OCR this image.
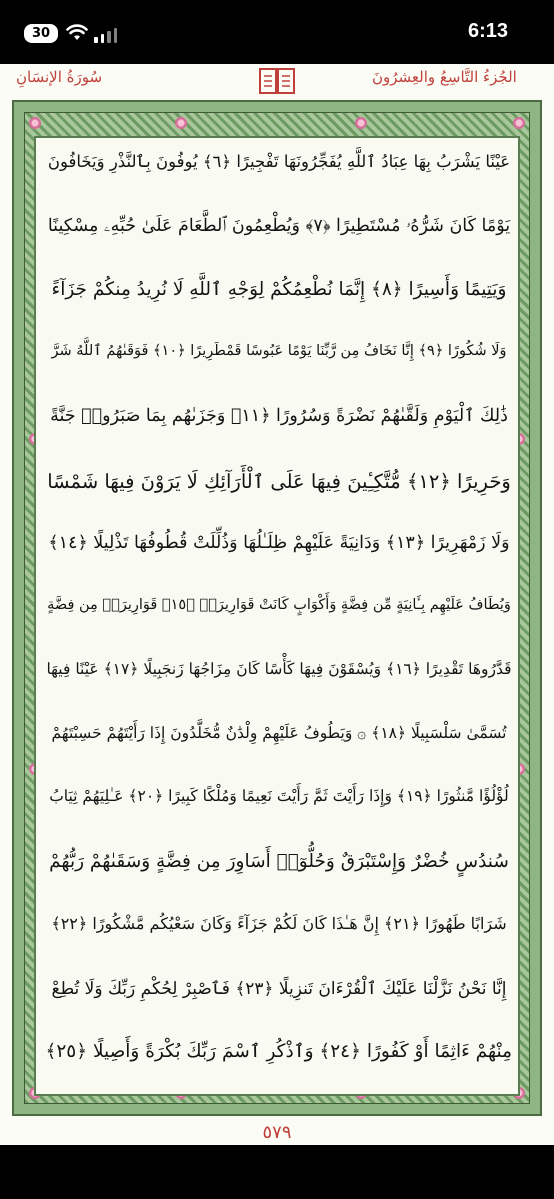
30	6:13
الجُزءُ التَّاسِعُ والعِشرُونَ
سُورَةُ الإنسَانِ
عَيْنًا يَشْرَبُ بِهَا عِبَادُ ٱللَّهِ يُفَجِّرُونَهَا تَفْجِيرًا ﴿٦﴾ يُوفُونَ بِٱلنَّذْرِ وَيَخَافُونَ
يَوْمًا كَانَ شَرُّهُۥ مُسْتَطِيرًا ﴿٧﴾ وَيُطْعِمُونَ ٱلطَّعَامَ عَلَىٰ حُبِّهِۦ مِسْكِينًا
وَيَتِيمًا وَأَسِيرًا ﴿٨﴾ إِنَّمَا نُطْعِمُكُمْ لِوَجْهِ ٱللَّهِ لَا نُرِيدُ مِنكُمْ جَزَآءً
وَلَا شُكُورًا ﴿٩﴾ إِنَّا نَخَافُ مِن رَّبِّنَا يَوْمًا عَبُوسًا قَمْطَرِيرًا ﴿١٠﴾ فَوَقَىٰهُمُ ٱللَّهُ شَرَّ
ذَٰلِكَ ٱلْيَوْمِ وَلَقَّىٰهُمْ نَضْرَةً وَسُرُورًا ﴿١١﴾ وَجَزَىٰهُم بِمَا صَبَرُوا۟ جَنَّةً
وَحَرِيرًا ﴿١٢﴾ مُّتَّكِـِٔينَ فِيهَا عَلَى ٱلْأَرَآئِكِ لَا يَرَوْنَ فِيهَا شَمْسًا
وَلَا زَمْهَرِيرًا ﴿١٣﴾ وَدَانِيَةً عَلَيْهِمْ ظِلَـٰلُهَا وَذُلِّلَتْ قُطُوفُهَا تَذْلِيلًا ﴿١٤﴾
وَيُطَافُ عَلَيْهِم بِـَٔانِيَةٍ مِّن فِضَّةٍ وَأَكْوَابٍ كَانَتْ قَوَارِيرَا۠ ﴿١٥﴾ قَوَارِيرَا۟ مِن فِضَّةٍ
قَدَّرُوهَا تَقْدِيرًا ﴿١٦﴾ وَيُسْقَوْنَ فِيهَا كَأْسًا كَانَ مِزَاجُهَا زَنجَبِيلًا ﴿١٧﴾ عَيْنًا فِيهَا
تُسَمَّىٰ سَلْسَبِيلًا ﴿١٨﴾ ۞ وَيَطُوفُ عَلَيْهِمْ وِلْدَٰنٌ مُّخَلَّدُونَ إِذَا رَأَيْتَهُمْ حَسِبْتَهُمْ
لُؤْلُؤًا مَّنثُورًا ﴿١٩﴾ وَإِذَا رَأَيْتَ ثَمَّ رَأَيْتَ نَعِيمًا وَمُلْكًا كَبِيرًا ﴿٢٠﴾ عَـٰلِيَهُمْ ثِيَابُ
سُندُسٍ خُضْرٌ وَإِسْتَبْرَقٌ وَحُلُّوٓا۟ أَسَاوِرَ مِن فِضَّةٍ وَسَقَىٰهُمْ رَبُّهُمْ
شَرَابًا طَهُورًا ﴿٢١﴾ إِنَّ هَـٰذَا كَانَ لَكُمْ جَزَآءً وَكَانَ سَعْيُكُم مَّشْكُورًا ﴿٢٢﴾
إِنَّا نَحْنُ نَزَّلْنَا عَلَيْكَ ٱلْقُرْءَانَ تَنزِيلًا ﴿٢٣﴾ فَٱصْبِرْ لِحُكْمِ رَبِّكَ وَلَا تُطِعْ
مِنْهُمْ ءَاثِمًا أَوْ كَفُورًا ﴿٢٤﴾ وَٱذْكُرِ ٱسْمَ رَبِّكَ بُكْرَةً وَأَصِيلًا ﴿٢٥﴾
٥٧٩
